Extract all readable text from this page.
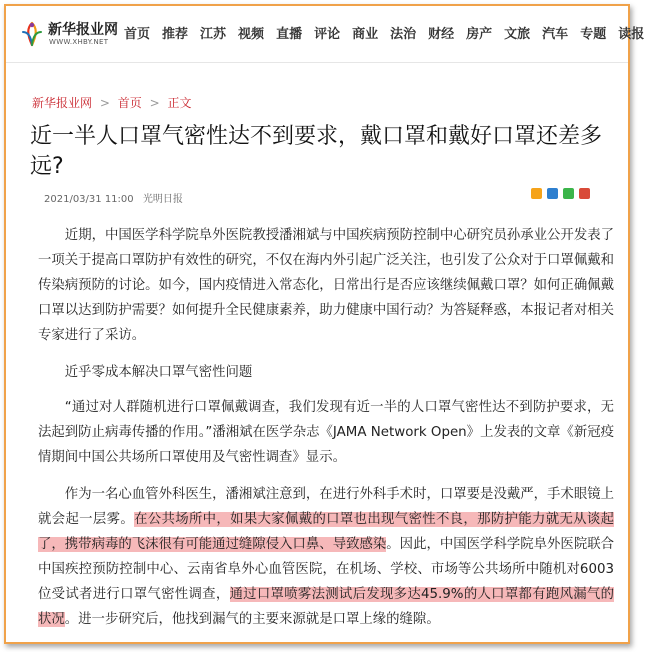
新华报业网
WWW.XHBY.NET 首页 推荐 江苏 视频 直播 评论 商业 法治 财经 房产 文旅 汽车 专题 读报
新华报业网 > 首页 > 正文
近一半人口罩气密性达不到要求，戴口罩和戴好口罩还差多远?
2021/03/31 11:00 光明日报

近期，中国医学科学院阜外医院教授潘湘斌与中国疾病预防控制中心研究员孙承业公开发表了一项关于提高口罩防护有效性的研究，不仅在海内外引起广泛关注，也引发了公众对于口罩佩戴和传染病预防的讨论。如今，国内疫情进入常态化，日常出行是否应该继续佩戴口罩？如何正确佩戴口罩以达到防护需要？如何提升全民健康素养，助力健康中国行动？为答疑释惑，本报记者对相关专家进行了采访。

近乎零成本解决口罩气密性问题

“通过对人群随机进行口罩佩戴调查，我们发现有近一半的人口罩气密性达不到防护要求，无法起到防止病毒传播的作用。”潘湘斌在医学杂志《JAMA Network Open》上发表的文章《新冠疫情期间中国公共场所口罩使用及气密性调查》显示。

作为一名心血管外科医生，潘湘斌注意到，在进行外科手术时，口罩要是没戴严，手术眼镜上就会起一层雾。在公共场所中，如果大家佩戴的口罩也出现气密性不良，那防护能力就无从谈起了，携带病毒的飞沫很有可能通过缝隙侵入口鼻、导致感染。因此，中国医学科学院阜外医院联合中国疾控预防控制中心、云南省阜外心血管医院，在机场、学校、市场等公共场所中随机对6003位受试者进行口罩气密性调查，通过口罩喷雾法测试后发现多达45.9%的人口罩都有跑风漏气的状况。进一步研究后，他找到漏气的主要来源就是口罩上缘的缝隙。
